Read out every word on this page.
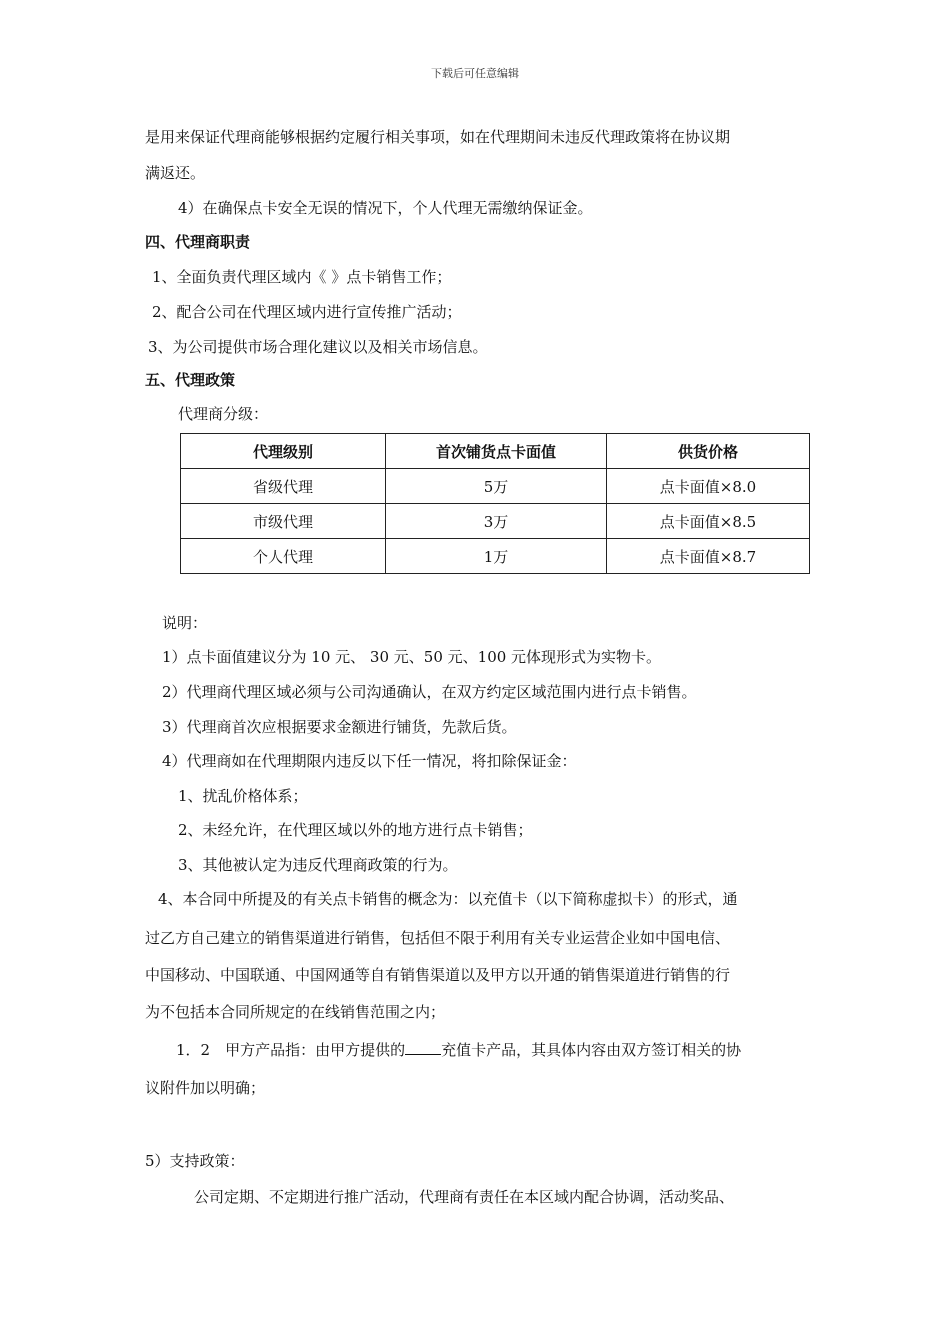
下载后可任意编辑
是用来保证代理商能够根据约定履行相关事项，如在代理期间未违反代理政策将在协议期
满返还。
4）在确保点卡安全无误的情况下，个人代理无需缴纳保证金。
四、代理商职责
1、全面负责代理区域内《 》点卡销售工作；
2、配合公司在代理区域内进行宣传推广活动；
3、为公司提供市场合理化建议以及相关市场信息。
五、代理政策
代理商分级：
代理级别	首次铺货点卡面值	供货价格
省级代理	5万	点卡面值×8.0
市级代理	3万	点卡面值×8.5
个人代理	1万	点卡面值×8.7
说明：
1）点卡面值建议分为 10 元、 30 元、50 元、100 元体现形式为实物卡。
2）代理商代理区域必须与公司沟通确认，在双方约定区域范围内进行点卡销售。
3）代理商首次应根据要求金额进行铺货，先款后货。
4）代理商如在代理期限内违反以下任一情况，将扣除保证金：
1、扰乱价格体系；
2、未经允许，在代理区域以外的地方进行点卡销售；
3、其他被认定为违反代理商政策的行为。
4、本合同中所提及的有关点卡销售的概念为：以充值卡（以下简称虚拟卡）的形式，通
过乙方自己建立的销售渠道进行销售，包括但不限于利用有关专业运营企业如中国电信、
中国移动、中国联通、中国网通等自有销售渠道以及甲方以开通的销售渠道进行销售的行
为不包括本合同所规定的在线销售范围之内；
1．2　甲方产品指：由甲方提供的 充值卡产品，其具体内容由双方签订相关的协
议附件加以明确；
5）支持政策：
公司定期、不定期进行推广活动，代理商有责任在本区域内配合协调，活动奖品、
